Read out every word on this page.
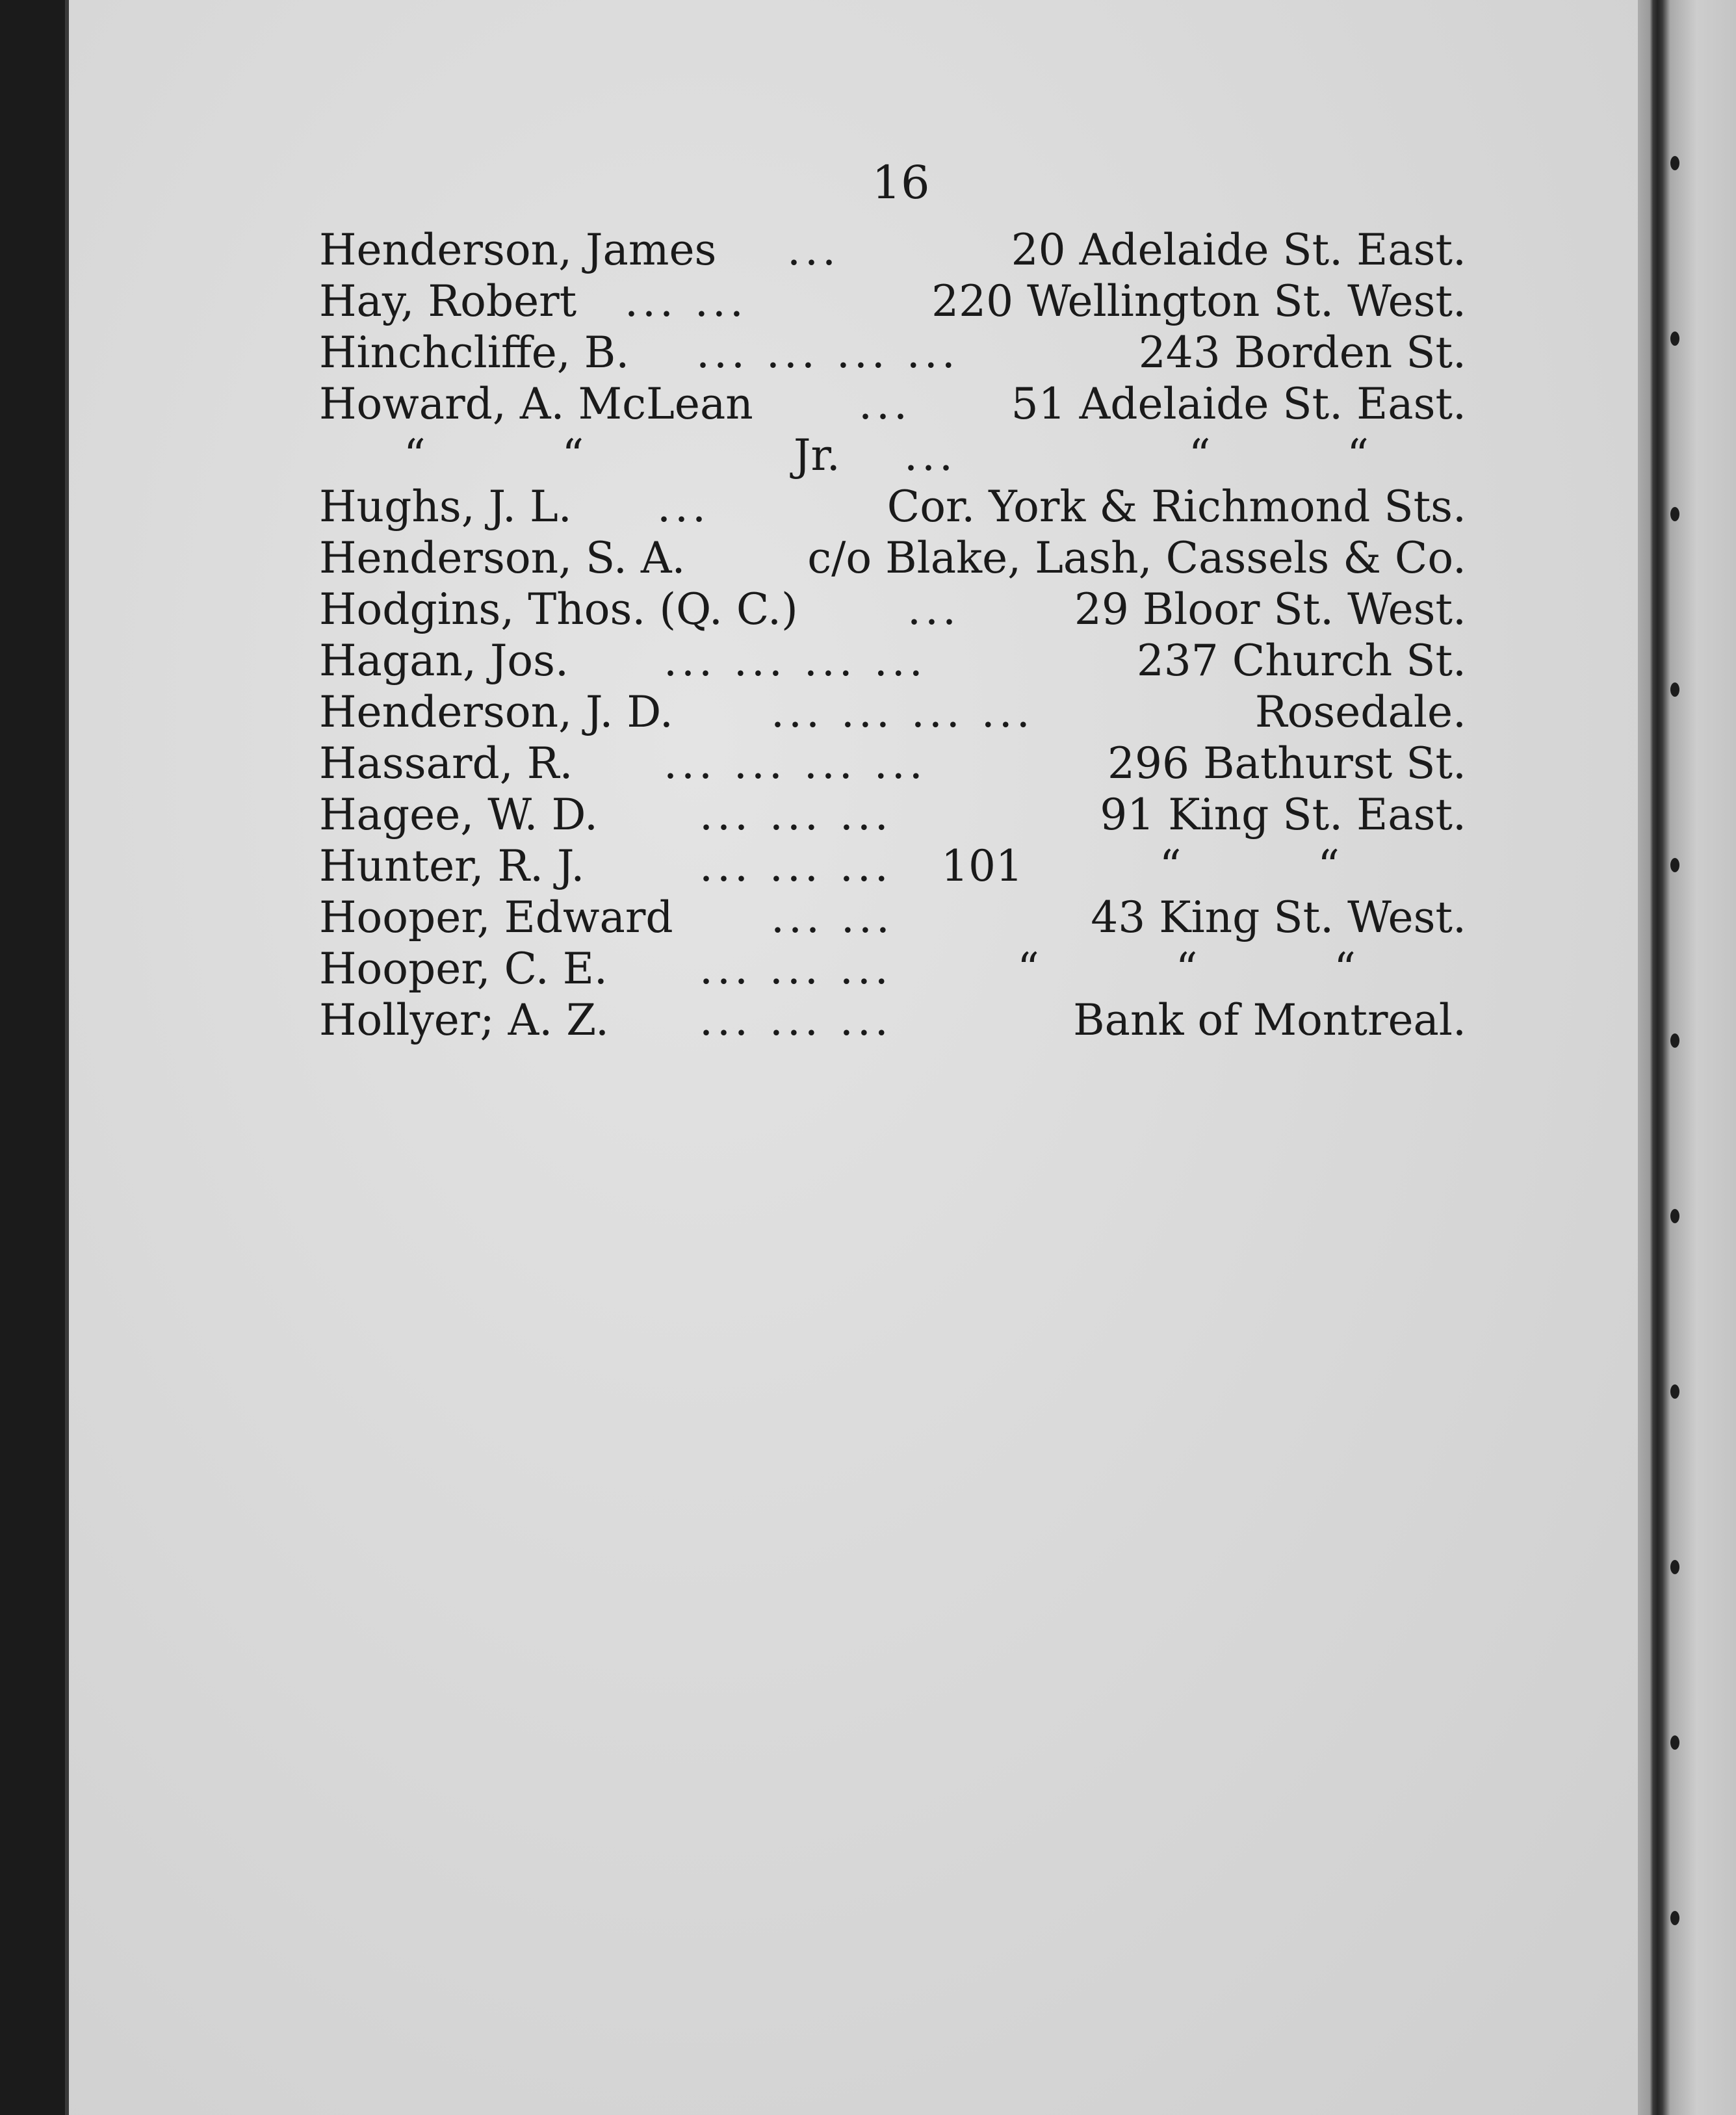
16
Henderson, James ...	20 Adelaide St. East.
Hay, Robert ... ...	220 Wellington St. West.
Hinchcliffe, B. ... ... ... ...	243 Borden St.
Howard, A. McLean ... 51 Adelaide St. East.
“          “	Jr. ...	“          “
Hughs, J. L. ...	Cor. York & Richmond Sts.
Henderson, S. A.	c/o Blake, Lash, Cassels & Co.
Hodgins, Thos. (Q. C.)	...	29 Bloor St. West.
Hagan, Jos. ... ... ... ...	237 Church St.
Henderson, J. D. ... ... ... ...	Rosedale.
Hassard, R. ... ... ... ...	296 Bathurst St.
Hagee, W. D. ... ... ...	91 King St. East.
Hunter, R. J.	... ... ... 101          “          “
Hooper, Edward ... ...	43 King St. West.
Hooper, C. E. ... ... ...	“          “          “
Hollyer; A. Z. ... ... ...	Bank of Montreal.
